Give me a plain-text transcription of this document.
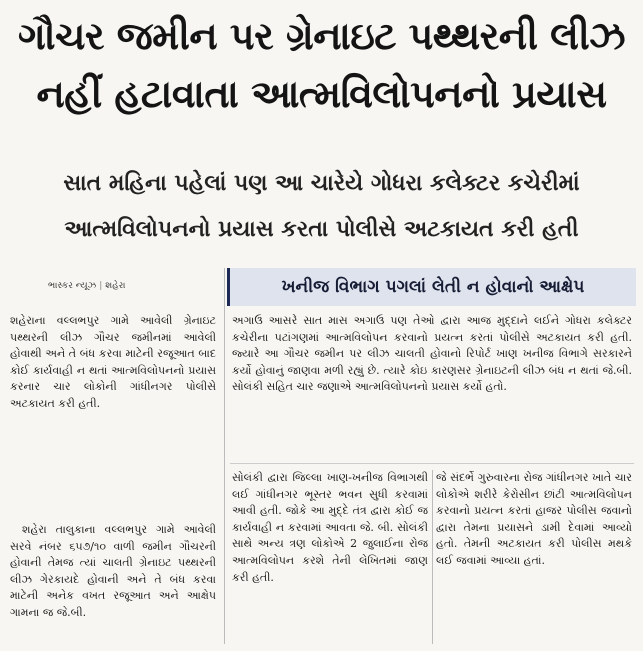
ગૌચર જમીન પર ગ્રેનાઇટ પથ્થરની લીઝ
નહીં હટાવાતા આત્મવિલોપનનો પ્રયાસ
સાત મહિના પહેલાં પણ આ ચારેયે ગોધરા કલેક્ટર કચેરીમાં
આત્મવિલોપનનો પ્રયાસ કરતા પોલીસે અટકાયત કરી હતી
ભાસ્કર ન્યૂઝ | શહેરા	ખનીજ વિભાગ પગલાં લેતી ન હોવાનો આક્ષેપ
શહેરાના વલ્લભપુર ગામે આવેલી ગ્રેનાઇટ પથ્થરની લીઝ ગૌચર જમીનમાં આવેલી હોવાથી અને તે બંધ કરવા માટેની રજૂઆત બાદ કોઈ કાર્યવાહી ન થતાં આત્મવિલોપનનો પ્રયાસ કરનાર ચાર લોકોની ગાંધીનગર પોલીસે અટકાયત કરી હતી.
શહેરા તાલુકાના વલ્લભપુર ગામે આવેલી સરવે નંબર ૬૫૭/૧૦ વાળી જમીન ગૌચરની હોવાની તેમજ ત્યાં ચાલતી ગ્રેનાઇટ પથ્થરની લીઝ ગેરકાયદે હોવાની અને તે બંધ કરવા માટેની અનેક વખત રજૂઆત અને આક્ષેપ ગામના જ જે.બી.
અગાઉ આસરે સાત માસ અગાઉ પણ તેઓ દ્વારા આજ મુદ્દાને લઈને ગોધરા કલેક્ટર કચેરીના પટાંગણમાં આત્મવિલોપન કરવાનો પ્રયત્ન કરતાં પોલીસે અટકાયત કરી હતી. જ્યારે આ ગૌચર જમીન પર લીઝ ચાલતી હોવાનો રિપોર્ટ ખાણ ખનીજ વિભાગે સરકારને કર્યો હોવાનું જાણવા મળી રહ્યું છે. ત્યારે કોઇ કારણસર ગ્રેનાઇટની લીઝ બંધ ન થતાં જે.બી. સોલંકી સહિત ચાર જણાએ આત્મવિલોપનનો પ્રયાસ કર્યો હતો.
સોલંકી દ્વારા જિલ્લા ખાણ-ખનીજ વિભાગથી લઈ ગાંધીનગર ભૂસ્તર ભવન સુધી કરવામાં આવી હતી. જોકે આ મુદ્દે તંત્ર દ્વારા કોઈ જ કાર્યવાહી ન કરવામાં આવતા જે. બી. સોલંકી સાથે અન્ય ત્રણ લોકોએ 2 જુલાઈના રોજ આત્મવિલોપન કરશે તેની લેખિતમાં જાણ કરી હતી.
જે સંદર્ભે ગુરુવારના રોજ ગાંધીનગર ખાતે ચાર લોકોએ શરીરે કેરોસીન છાંટી આત્મવિલોપન કરવાનો પ્રયત્ન કરતાં હાજર પોલીસ જવાનો દ્વારા તેમના પ્રયાસને ડામી દેવામાં આવ્યો હતો. તેમની અટકાયત કરી પોલીસ મથકે લઈ જવામાં આવ્યા હતાં.
